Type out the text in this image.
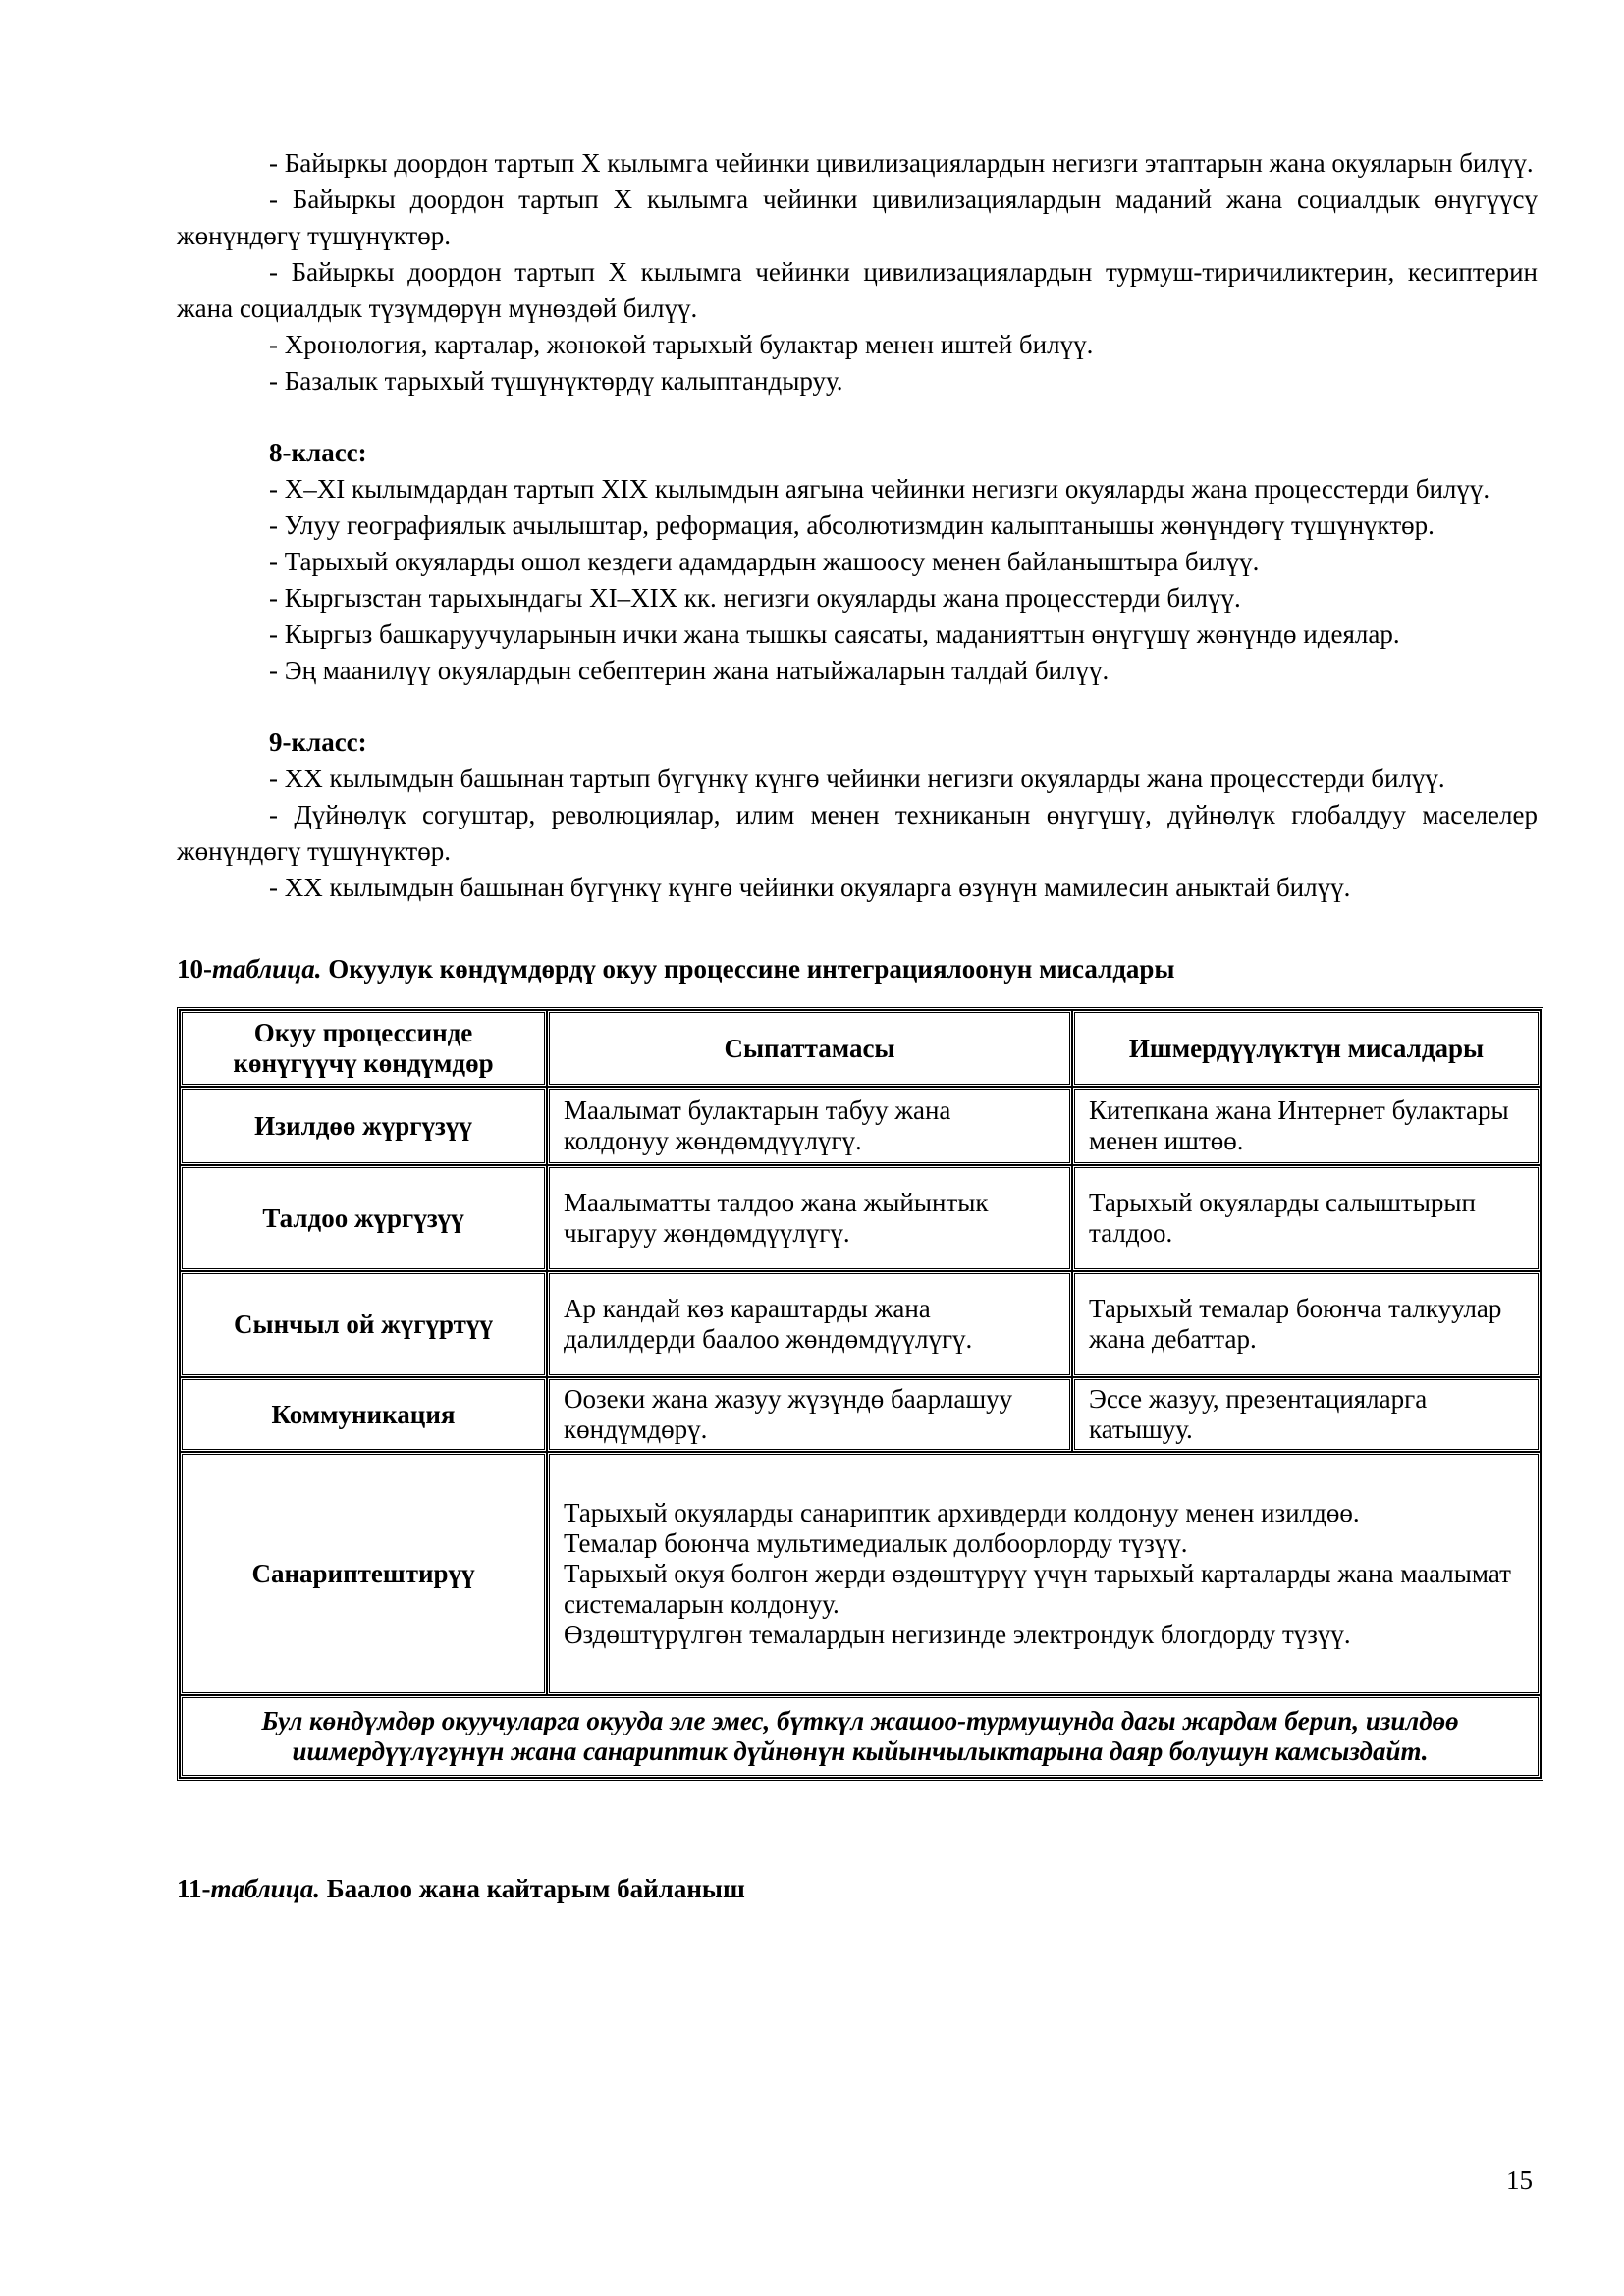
- Байыркы доордон тартып X кылымга чейинки цивилизациялардын негизги этаптарын жана окуяларын билүү.

- Байыркы доордон тартып X кылымга чейинки цивилизациялардын маданий жана социалдык өнүгүүсү жөнүндөгү түшүнүктөр.

- Байыркы доордон тартып X кылымга чейинки цивилизациялардын турмуш-тиричиликтерин, кесиптерин жана социалдык түзүмдөрүн мүнөздөй билүү.

- Хронология, карталар, жөнөкөй тарыхый булактар менен иштей билүү.

- Базалык тарыхый түшүнүктөрдү калыптандыруу.

8-класс:

- X–XI кылымдардан тартып XIX кылымдын аягына чейинки негизги окуяларды жана процесстерди билүү.

- Улуу географиялык ачылыштар, реформация, абсолютизмдин калыптанышы жөнүндөгү түшүнүктөр.

- Тарыхый окуяларды ошол кездеги адамдардын жашоосу менен байланыштыра билүү.

- Кыргызстан тарыхындагы XI–XIX кк. негизги окуяларды жана процесстерди билүү.

- Кыргыз башкаруучуларынын ички жана тышкы саясаты, маданияттын өнүгүшү жөнүндө идеялар.

- Эң маанилүү окуялардын себептерин жана натыйжаларын талдай билүү.

9-класс:

- XX кылымдын башынан тартып бүгүнкү күнгө чейинки негизги окуяларды жана процесстерди билүү.

- Дүйнөлүк согуштар, революциялар, илим менен техниканын өнүгүшү, дүйнөлүк глобалдуу маселелер жөнүндөгү түшүнүктөр.

- XX кылымдын башынан бүгүнкү күнгө чейинки окуяларга өзүнүн мамилесин аныктай билүү.

10-таблица. Окуулук көндүмдөрдү окуу процессине интеграциялоонун мисалдары

Окуу процессинде көнүгүүчү көндүмдөр	Сыпаттамасы	Ишмердүүлүктүн мисалдары
Изилдөө жүргүзүү	Маалымат булактарын табуу жана колдонуу жөндөмдүүлүгү.	Китепкана жана Интернет булактары менен иштөө.
Талдоо жүргүзүү	Маалыматты талдоо жана жыйынтык чыгаруу жөндөмдүүлүгү.	Тарыхый окуяларды салыштырып талдоо.
Сынчыл ой жүгүртүү	Ар кандай көз караштарды жана далилдерди баалоо жөндөмдүүлүгү.	Тарыхый темалар боюнча талкуулар жана дебаттар.
Коммуникация	Оозеки жана жазуу жүзүндө баарлашуу көндүмдөрү.	Эссе жазуу, презентацияларга катышуу.
Санариптештирүү	Тарыхый окуяларды санариптик архивдерди колдонуу менен изилдөө.
Темалар боюнча мультимедиалык долбоорлорду түзүү.
Тарыхый окуя болгон жерди өздөштүрүү үчүн тарыхый карталарды жана маалымат системаларын колдонуу.
Өздөштүрүлгөн темалардын негизинде электрондук блогдорду түзүү.	

Бул көндүмдөр окуучуларга окууда эле эмес, бүткүл жашоо-турмушунда дагы жардам берип, изилдөө ишмердүүлүгүнүн жана санариптик дүйнөнүн кыйынчылыктарына даяр болушун камсыздайт.		

11-таблица. Баалоо жана кайтарым байланыш

15
